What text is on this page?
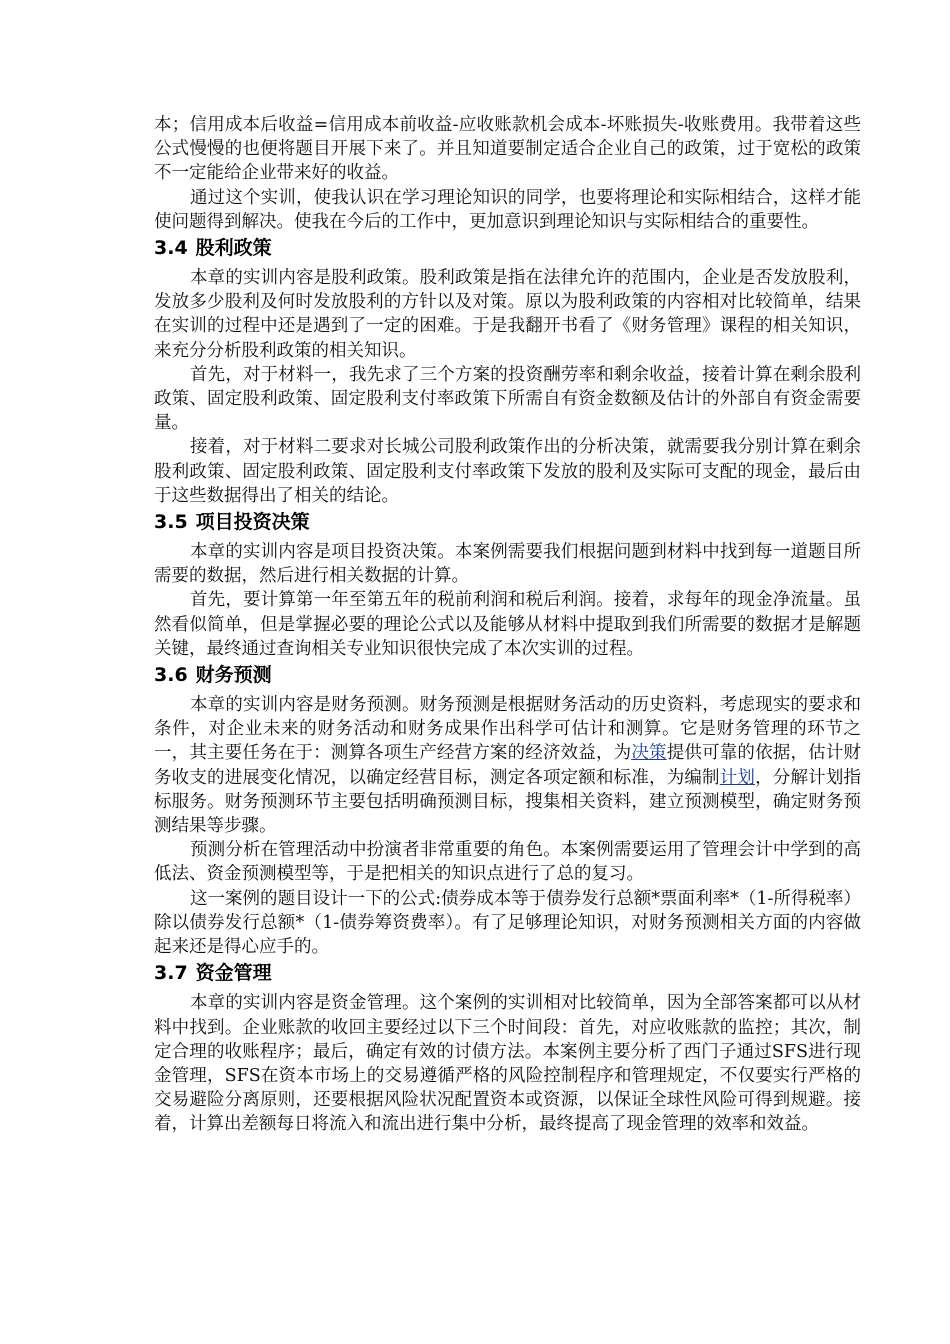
本；信用成本后收益=信用成本前收益-应收账款机会成本-坏账损失-收账费用。我带着这些公式慢慢的也便将题目开展下来了。并且知道要制定适合企业自己的政策，过于宽松的政策不一定能给企业带来好的收益。

通过这个实训，使我认识在学习理论知识的同学，也要将理论和实际相结合，这样才能使问题得到解决。使我在今后的工作中，更加意识到理论知识与实际相结合的重要性。

3.4 股利政策

本章的实训内容是股利政策。股利政策是指在法律允许的范围内，企业是否发放股利，发放多少股利及何时发放股利的方针以及对策。原以为股利政策的内容相对比较简单，结果在实训的过程中还是遇到了一定的困难。于是我翻开书看了《财务管理》课程的相关知识，来充分分析股利政策的相关知识。

首先，对于材料一，我先求了三个方案的投资酬劳率和剩余收益，接着计算在剩余股利政策、固定股利政策、固定股利支付率政策下所需自有资金数额及估计的外部自有资金需要量。

接着，对于材料二要求对长城公司股利政策作出的分析决策，就需要我分别计算在剩余股利政策、固定股利政策、固定股利支付率政策下发放的股利及实际可支配的现金，最后由于这些数据得出了相关的结论。

3.5 项目投资决策

本章的实训内容是项目投资决策。本案例需要我们根据问题到材料中找到每一道题目所需要的数据，然后进行相关数据的计算。

首先，要计算第一年至第五年的税前利润和税后利润。接着，求每年的现金净流量。虽然看似简单，但是掌握必要的理论公式以及能够从材料中提取到我们所需要的数据才是解题关键，最终通过查询相关专业知识很快完成了本次实训的过程。

3.6 财务预测

本章的实训内容是财务预测。财务预测是根据财务活动的历史资料，考虑现实的要求和条件，对企业未来的财务活动和财务成果作出科学可估计和测算。它是财务管理的环节之一，其主要任务在于：测算各项生产经营方案的经济效益，为决策提供可靠的依据，估计财务收支的进展变化情况，以确定经营目标，测定各项定额和标准，为编制计划，分解计划指标服务。财务预测环节主要包括明确预测目标，搜集相关资料，建立预测模型，确定财务预测结果等步骤。

预测分析在管理活动中扮演者非常重要的角色。本案例需要运用了管理会计中学到的高低法、资金预测模型等，于是把相关的知识点进行了总的复习。

这一案例的题目设计一下的公式:债券成本等于债券发行总额*票面利率*（1-所得税率）除以债券发行总额*（1-债券筹资费率）。有了足够理论知识，对财务预测相关方面的内容做起来还是得心应手的。

3.7 资金管理

本章的实训内容是资金管理。这个案例的实训相对比较简单，因为全部答案都可以从材料中找到。企业账款的收回主要经过以下三个时间段：首先，对应收账款的监控；其次，制定合理的收账程序；最后，确定有效的讨债方法。本案例主要分析了西门子通过SFS进行现金管理，SFS在资本市场上的交易遵循严格的风险控制程序和管理规定，不仅要实行严格的交易避险分离原则，还要根据风险状况配置资本或资源，以保证全球性风险可得到规避。接着，计算出差额每日将流入和流出进行集中分析，最终提高了现金管理的效率和效益。
